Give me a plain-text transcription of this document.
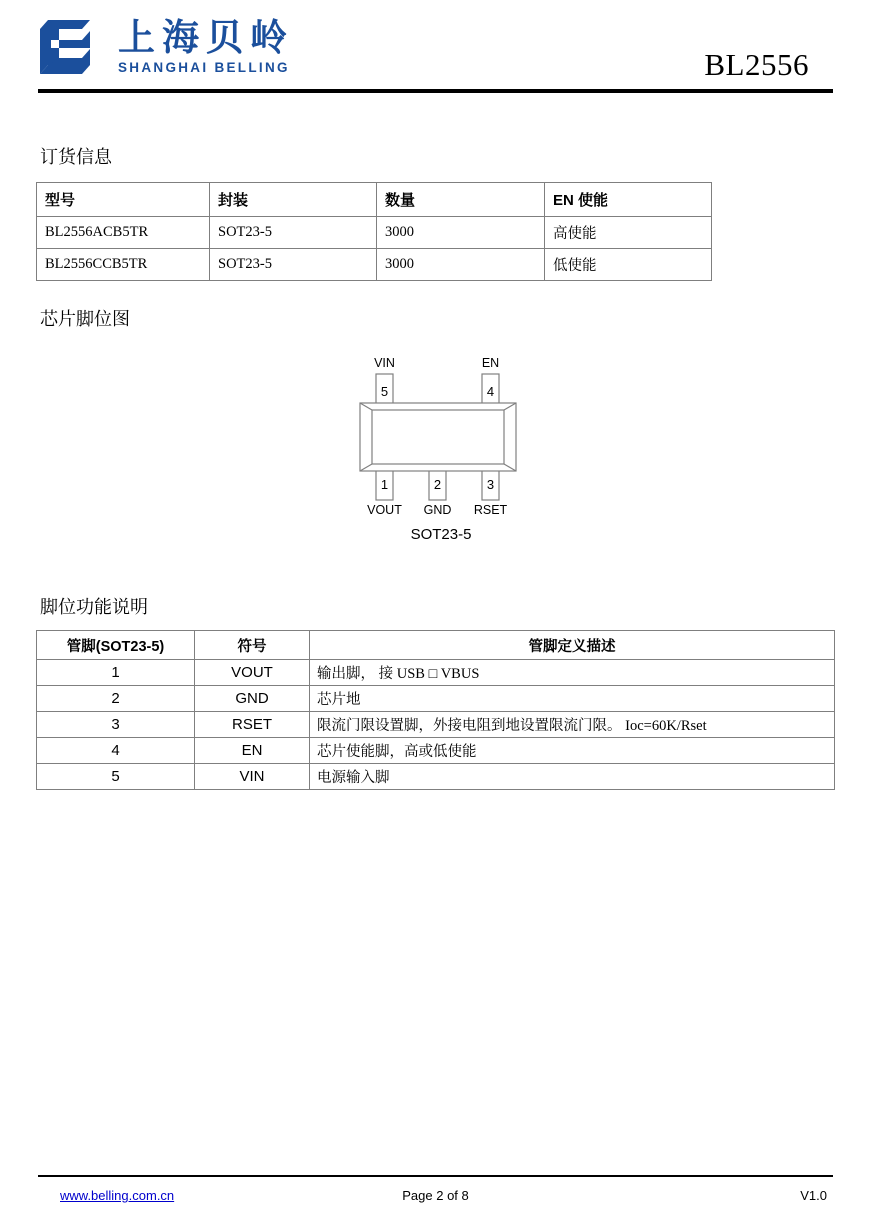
上海贝岭
SHANGHAI BELLING	BL2556
订货信息
型号	封装	数量	EN 使能
BL2556ACB5TR	SOT23-5	3000	高使能
BL2556CCB5TR	SOT23-5	3000	低使能
芯片脚位图
5	4
1	2	3
VIN	EN
VOUT GND RSET
SOT23-5
脚位功能说明
管脚(SOT23-5)	符号	管脚定义描述
1	VOUT	输出脚， 接 USB □ VBUS
2	GND	芯片地
3	RSET	限流门限设置脚，外接电阻到地设置限流门限。 Ioc=60K/Rset
4	EN	芯片使能脚，高或低使能
5	VIN	电源输入脚
www.belling.com.cn	Page 2 of 8	V1.0
